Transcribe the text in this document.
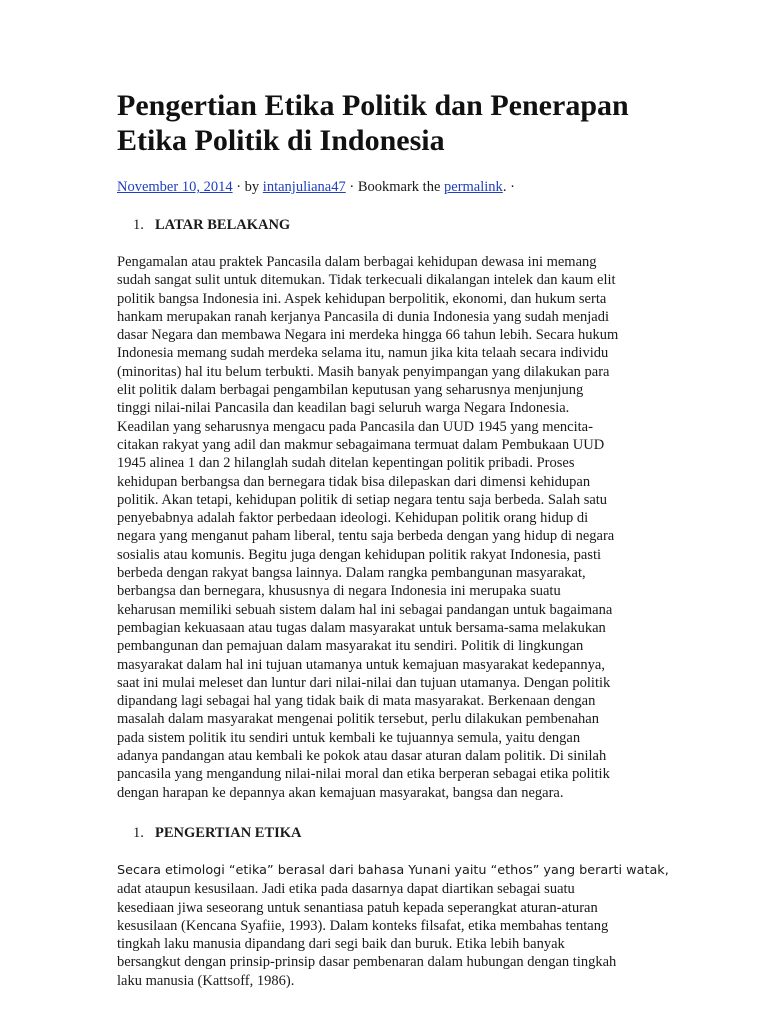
Pengertian Etika Politik dan Penerapan
Etika Politik di Indonesia
November 10, 2014 · by intanjuliana47 · Bookmark the permalink. ·
1. LATAR BELAKANG
Pengamalan atau praktek Pancasila dalam berbagai kehidupan dewasa ini memang
sudah sangat sulit untuk ditemukan. Tidak terkecuali dikalangan intelek dan kaum elit
politik bangsa Indonesia ini. Aspek kehidupan berpolitik, ekonomi, dan hukum serta
hankam merupakan ranah kerjanya Pancasila di dunia Indonesia yang sudah menjadi
dasar Negara dan membawa Negara ini merdeka hingga 66 tahun lebih. Secara hukum
Indonesia memang sudah merdeka selama itu, namun jika kita telaah secara individu
(minoritas) hal itu belum terbukti. Masih banyak penyimpangan yang dilakukan para
elit politik dalam berbagai pengambilan keputusan yang seharusnya menjunjung
tinggi nilai-nilai Pancasila dan keadilan bagi seluruh warga Negara Indonesia.
Keadilan yang seharusnya mengacu pada Pancasila dan UUD 1945 yang mencita-
citakan rakyat yang adil dan makmur sebagaimana termuat dalam Pembukaan UUD
1945 alinea 1 dan 2 hilanglah sudah ditelan kepentingan politik pribadi. Proses
kehidupan berbangsa dan bernegara tidak bisa dilepaskan dari dimensi kehidupan
politik. Akan tetapi, kehidupan politik di setiap negara tentu saja berbeda. Salah satu
penyebabnya adalah faktor perbedaan ideologi. Kehidupan politik orang hidup di
negara yang menganut paham liberal, tentu saja berbeda dengan yang hidup di negara
sosialis atau komunis. Begitu juga dengan kehidupan politik rakyat Indonesia, pasti
berbeda dengan rakyat bangsa lainnya. Dalam rangka pembangunan masyarakat,
berbangsa dan bernegara, khususnya di negara Indonesia ini merupaka suatu
keharusan memiliki sebuah sistem dalam hal ini sebagai pandangan untuk bagaimana
pembagian kekuasaan atau tugas dalam masyarakat untuk bersama-sama melakukan
pembangunan dan pemajuan dalam masyarakat itu sendiri. Politik di lingkungan
masyarakat dalam hal ini tujuan utamanya untuk kemajuan masyarakat kedepannya,
saat ini mulai meleset dan luntur dari nilai-nilai dan tujuan utamanya. Dengan politik
dipandang lagi sebagai hal yang tidak baik di mata masyarakat. Berkenaan dengan
masalah dalam masyarakat mengenai politik tersebut, perlu dilakukan pembenahan
pada sistem politik itu sendiri untuk kembali ke tujuannya semula, yaitu dengan
adanya pandangan atau kembali ke pokok atau dasar aturan dalam politik. Di sinilah
pancasila yang mengandung nilai-nilai moral dan etika berperan sebagai etika politik
dengan harapan ke depannya akan kemajuan masyarakat, bangsa dan negara.
1. PENGERTIAN ETIKA
Secara etimologi “etika” berasal dari bahasa Yunani yaitu “ethos” yang berarti watak,
adat ataupun kesusilaan. Jadi etika pada dasarnya dapat diartikan sebagai suatu
kesediaan jiwa seseorang untuk senantiasa patuh kepada seperangkat aturan-aturan
kesusilaan (Kencana Syafiie, 1993). Dalam konteks filsafat, etika membahas tentang
tingkah laku manusia dipandang dari segi baik dan buruk. Etika lebih banyak
bersangkut dengan prinsip-prinsip dasar pembenaran dalam hubungan dengan tingkah
laku manusia (Kattsoff, 1986).
